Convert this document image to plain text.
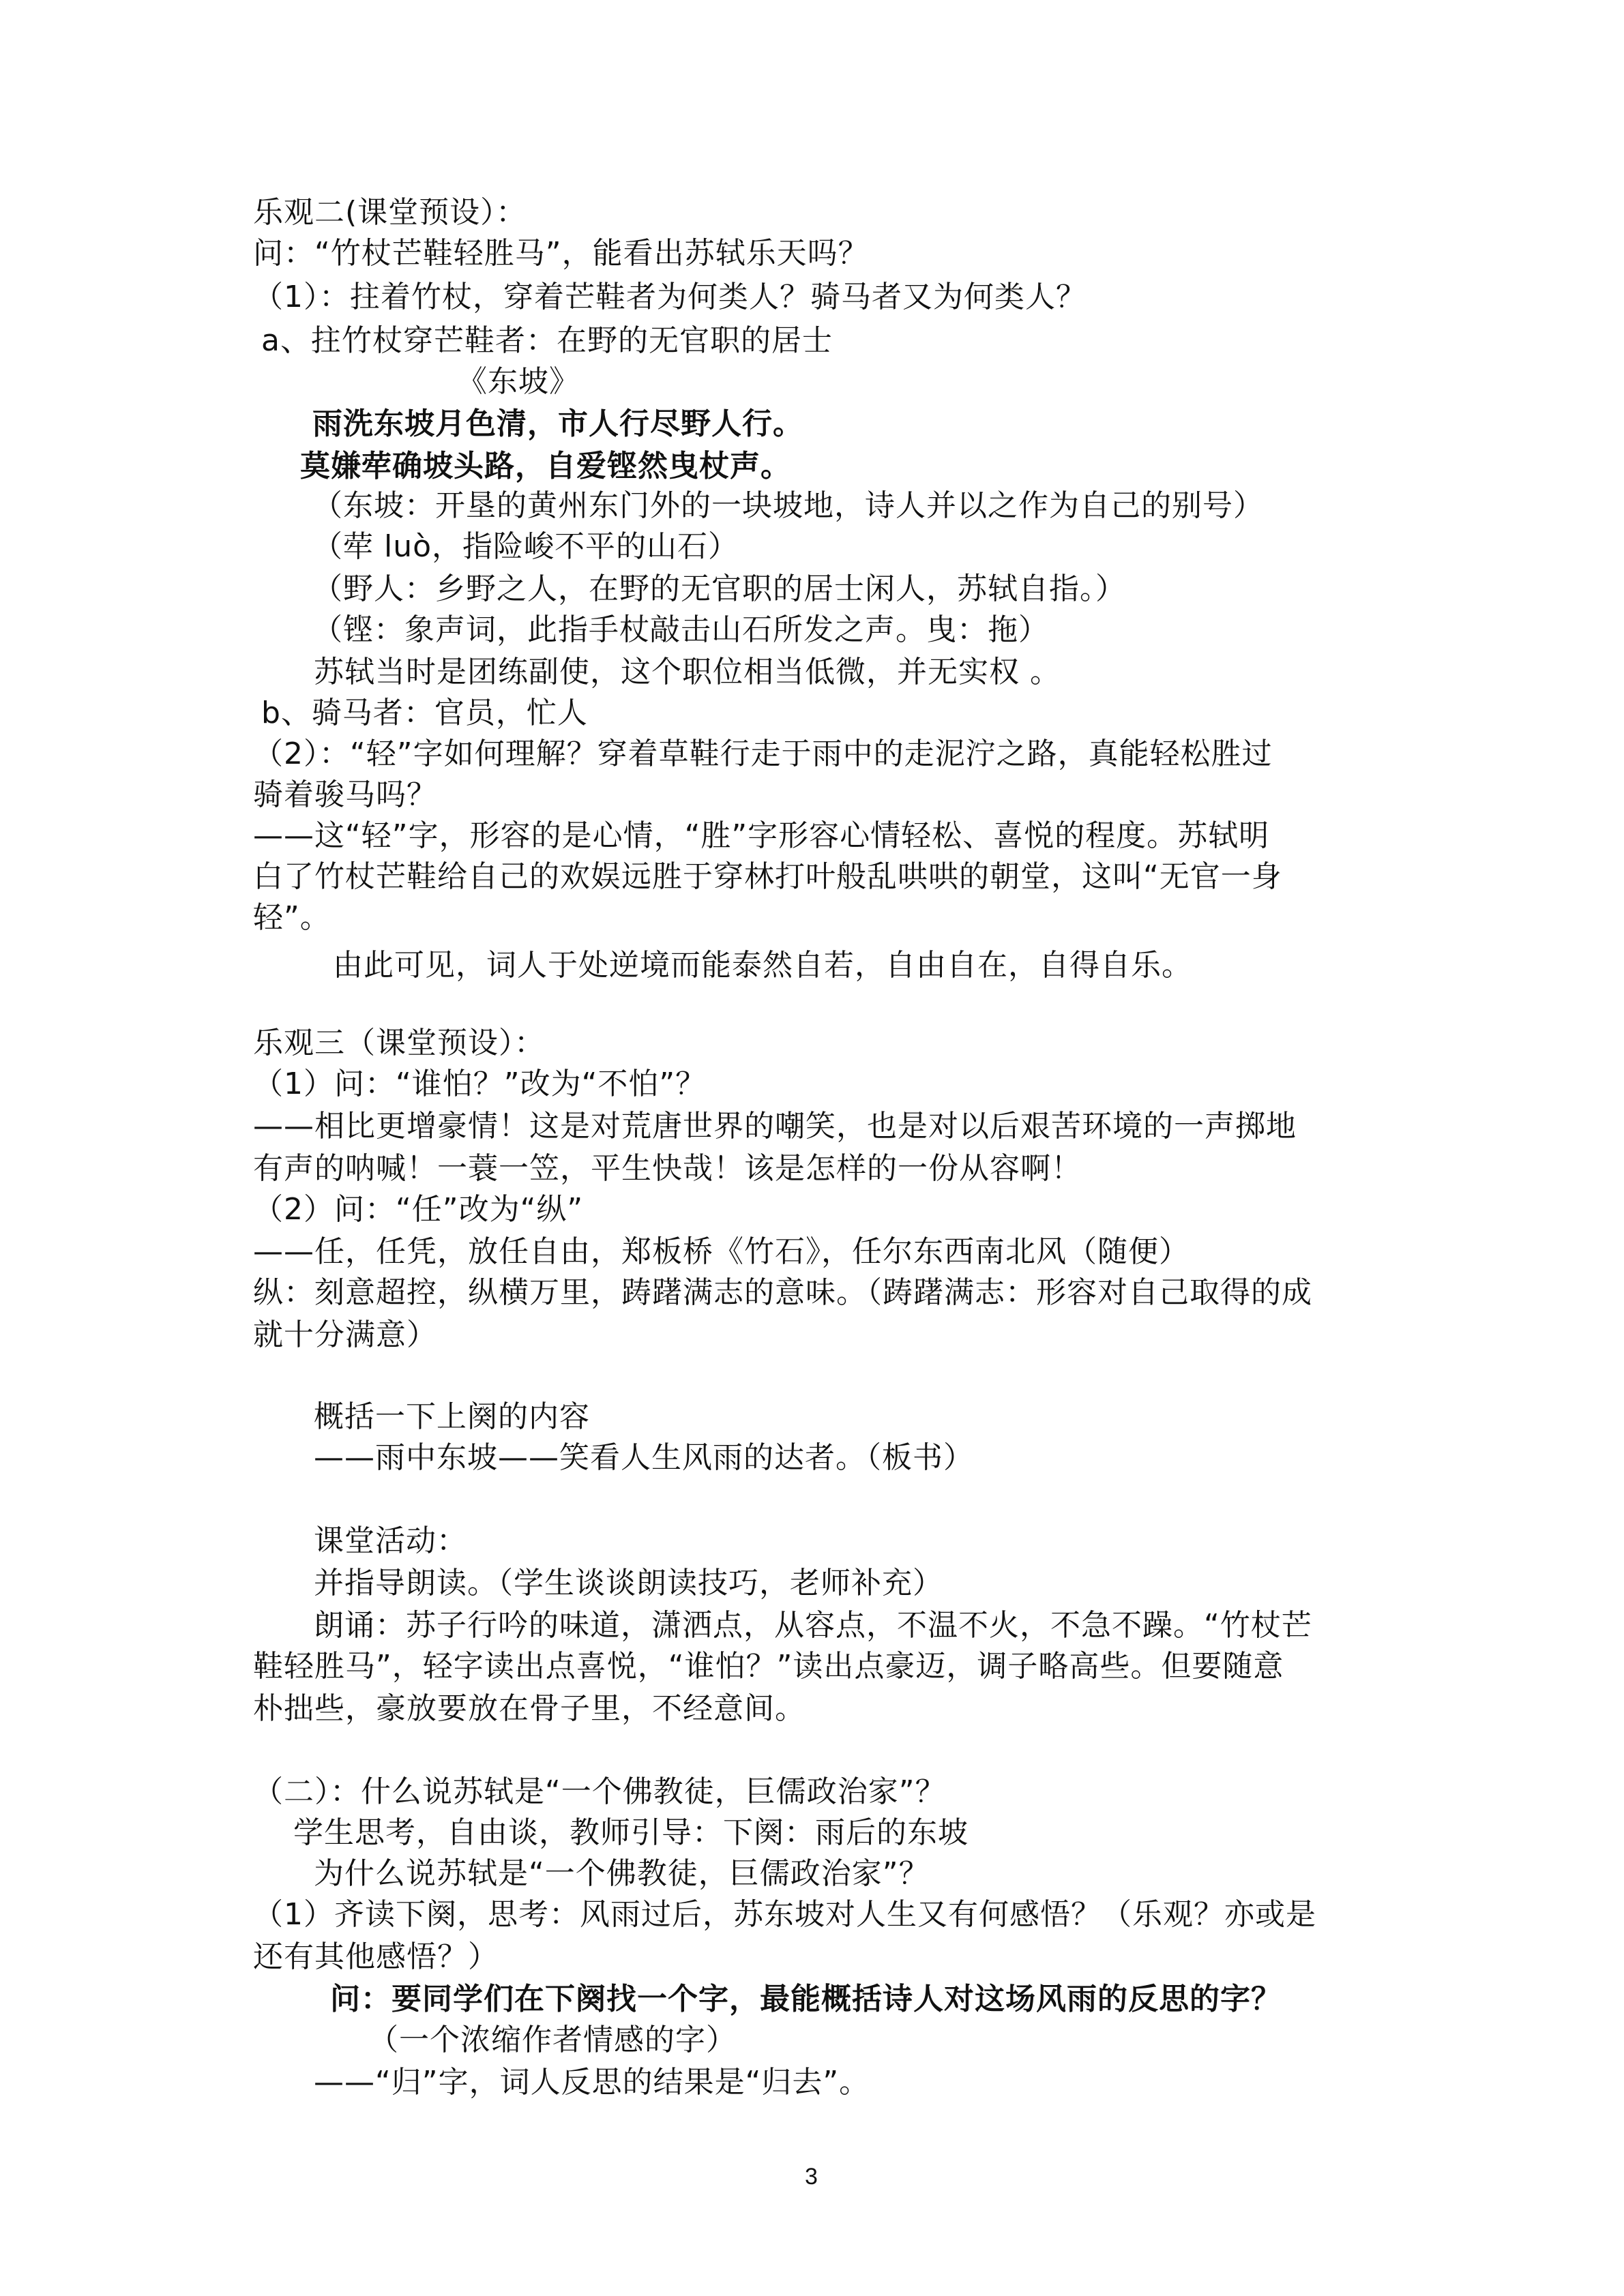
乐观二(课堂预设）：
问：“竹杖芒鞋轻胜马”，能看出苏轼乐天吗？
（1）：拄着竹杖，穿着芒鞋者为何类人？骑马者又为何类人？
a、拄竹杖穿芒鞋者：在野的无官职的居士
《东坡》
雨洗东坡月色清，市人行尽野人行。
莫嫌荦确坡头路，自爱铿然曳杖声。
（东坡：开垦的黄州东门外的一块坡地，诗人并以之作为自己的别号）
（荦 luò，指险峻不平的山石）
（野人：乡野之人，在野的无官职的居士闲人，苏轼自指。）
（铿：象声词，此指手杖敲击山石所发之声。曳：拖）
苏轼当时是团练副使，这个职位相当低微，并无实权 。
b、骑马者：官员，忙人
（2）：“轻”字如何理解？穿着草鞋行走于雨中的走泥泞之路，真能轻松胜过
骑着骏马吗？
——这“轻”字，形容的是心情，“胜”字形容心情轻松、喜悦的程度。苏轼明
白了竹杖芒鞋给自己的欢娱远胜于穿林打叶般乱哄哄的朝堂，这叫“无官一身
轻”。
由此可见，词人于处逆境而能泰然自若，自由自在，自得自乐。
乐观三（课堂预设）：
（1）问：“谁怕？”改为“不怕”？
——相比更增豪情！这是对荒唐世界的嘲笑，也是对以后艰苦环境的一声掷地
有声的呐喊！一蓑一笠，平生快哉！该是怎样的一份从容啊！
（2）问：“任”改为“纵”
——任，任凭，放任自由，郑板桥《竹石》，任尔东西南北风（随便）
纵：刻意超控，纵横万里，踌躇满志的意味。（踌躇满志：形容对自己取得的成
就十分满意）
概括一下上阕的内容
——雨中东坡——笑看人生风雨的达者。（板书）
课堂活动：
并指导朗读。（学生谈谈朗读技巧，老师补充）
朗诵：苏子行吟的味道，潇洒点，从容点，不温不火，不急不躁。“竹杖芒
鞋轻胜马”，轻字读出点喜悦，“谁怕？”读出点豪迈，调子略高些。但要随意
朴拙些，豪放要放在骨子里，不经意间。
（二）：什么说苏轼是“一个佛教徒，巨儒政治家”？
学生思考，自由谈，教师引导：下阕：雨后的东坡
为什么说苏轼是“一个佛教徒，巨儒政治家”？
（1）齐读下阕，思考：风雨过后，苏东坡对人生又有何感悟？（乐观？亦或是
还有其他感悟？）
问：要同学们在下阕找一个字，最能概括诗人对这场风雨的反思的字？
（一个浓缩作者情感的字）
——“归”字，词人反思的结果是“归去”。
3
